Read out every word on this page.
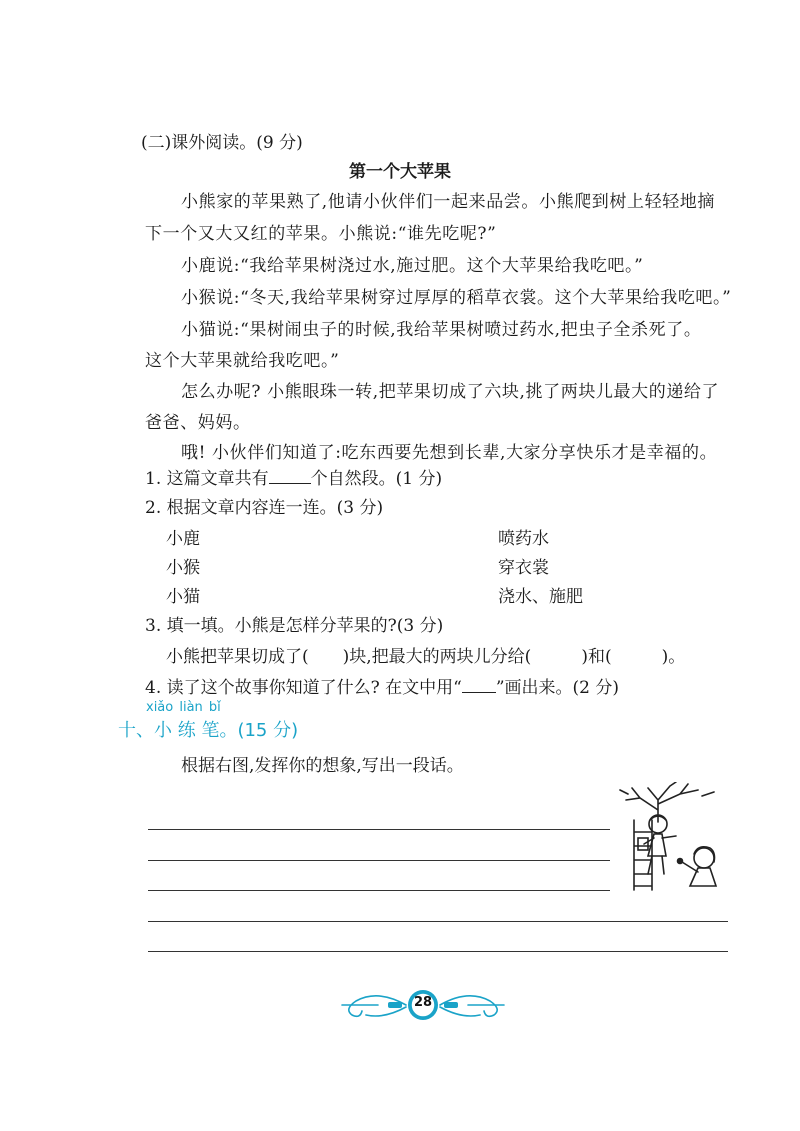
(二)课外阅读。(9 分)
第一个大苹果
小熊家的苹果熟了,他请小伙伴们一起来品尝。小熊爬到树上轻轻地摘
下一个又大又红的苹果。小熊说:“谁先吃呢?”
小鹿说:“我给苹果树浇过水,施过肥。这个大苹果给我吃吧。”
小猴说:“冬天,我给苹果树穿过厚厚的稻草衣裳。这个大苹果给我吃吧。”
小猫说:“果树闹虫子的时候,我给苹果树喷过药水,把虫子全杀死了。
这个大苹果就给我吃吧。”
怎么办呢? 小熊眼珠一转,把苹果切成了六块,挑了两块儿最大的递给了
爸爸、妈妈。
哦! 小伙伴们知道了:吃东西要先想到长辈,大家分享快乐才是幸福的。
1. 这篇文章共有 个自然段。(1 分)
2. 根据文章内容连一连。(3 分)
小鹿
小猴
小猫
喷药水
穿衣裳
浇水、施肥
3. 填一填。小熊是怎样分苹果的?(3 分)
小熊把苹果切成了( )块,把最大的两块儿分给(	)和(	)。
4. 读了这个故事你知道了什么? 在文中用“ ”画出来。(2 分)
xiǎo liàn bǐ
十、小 练 笔。(15 分)
根据右图,发挥你的想象,写出一段话。
28
